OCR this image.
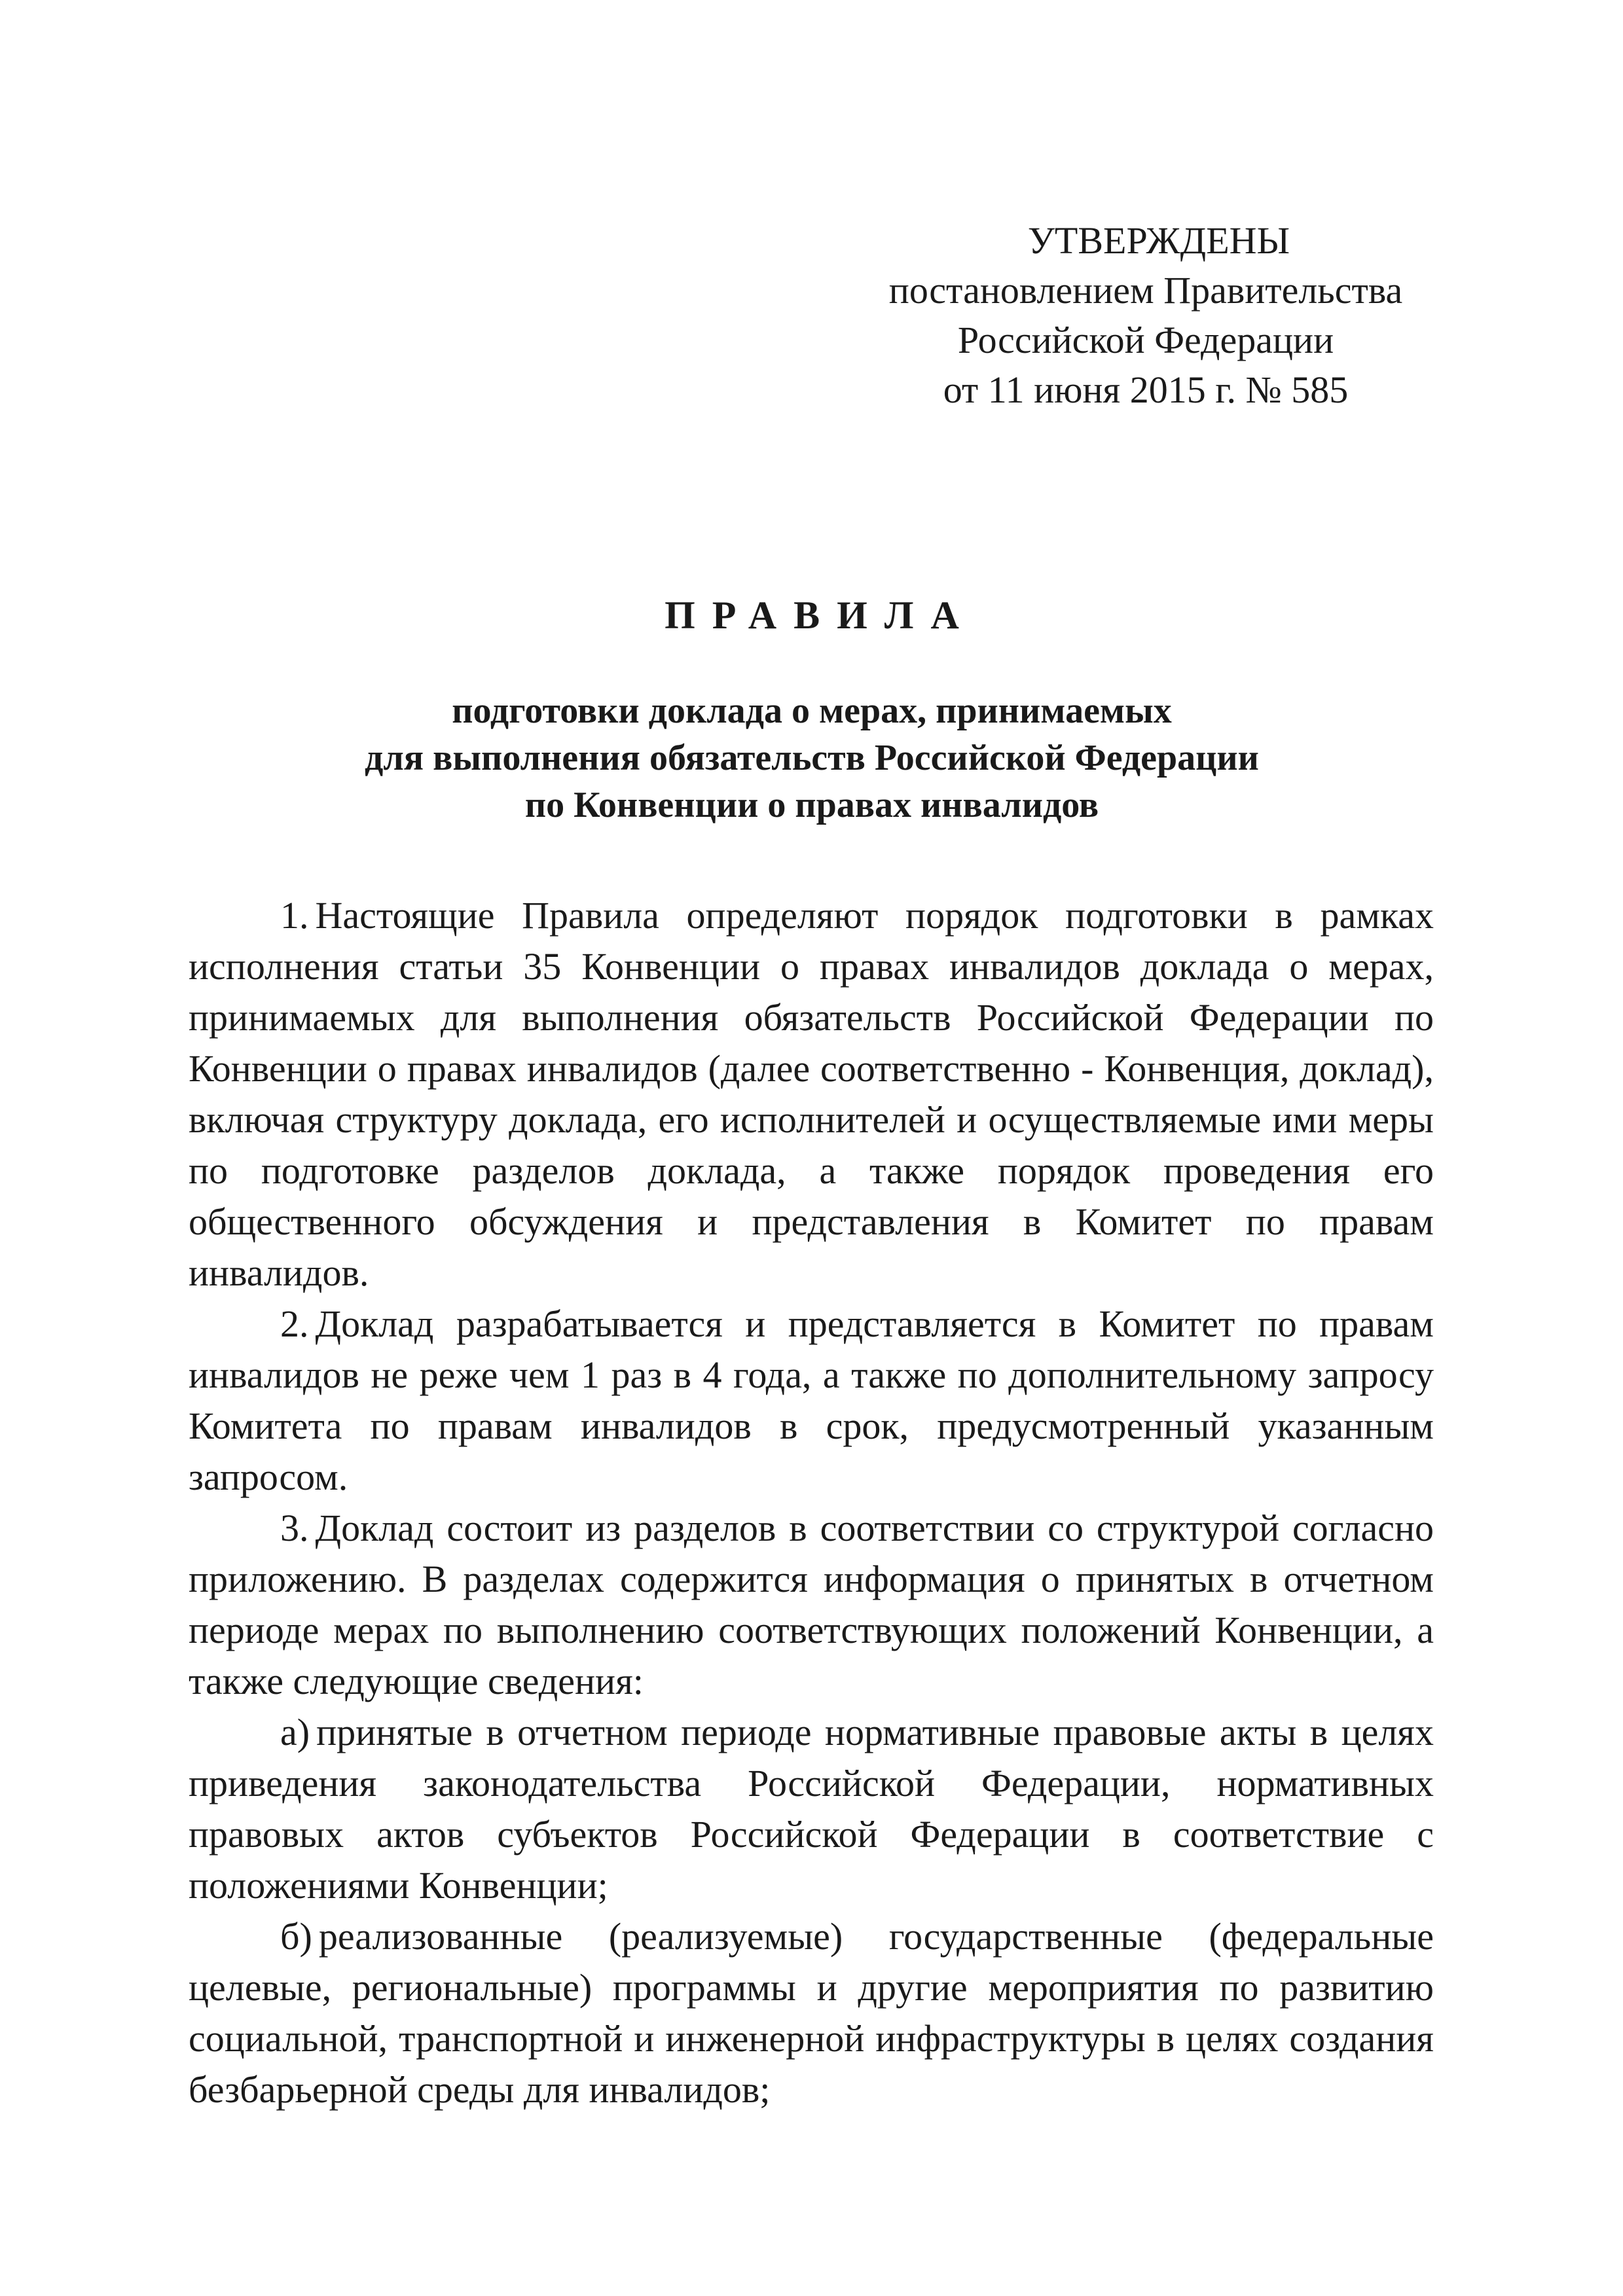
УТВЕРЖДЕНЫ
постановлением Правительства
Российской Федерации
от 11 июня 2015 г. № 585
ПРАВИЛА
подготовки доклада о мерах, принимаемых
для выполнения обязательств Российской Федерации
по Конвенции о правах инвалидов

1. Настоящие Правила определяют порядок подготовки в рамках исполнения статьи 35 Конвенции о правах инвалидов доклада о мерах, принимаемых для выполнения обязательств Российской Федерации по Конвенции о правах инвалидов (далее соответственно - Конвенция, доклад), включая структуру доклада, его исполнителей и осуществляемые ими меры по подготовке разделов доклада, а также порядок проведения его общественного обсуждения и представления в Комитет по правам инвалидов.

2. Доклад разрабатывается и представляется в Комитет по правам инвалидов не реже чем 1 раз в 4 года, а также по дополнительному запросу Комитета по правам инвалидов в срок, предусмотренный указанным запросом.

3. Доклад состоит из разделов в соответствии со структурой согласно приложению. В разделах содержится информация о принятых в отчетном периоде мерах по выполнению соответствующих положений Конвенции, а также следующие сведения:

а) принятые в отчетном периоде нормативные правовые акты в целях приведения законодательства Российской Федерации, нормативных правовых актов субъектов Российской Федерации в соответствие с положениями Конвенции;

б) реализованные (реализуемые) государственные (федеральные целевые, региональные) программы и другие мероприятия по развитию социальной, транспортной и инженерной инфраструктуры в целях создания безбарьерной среды для инвалидов;
